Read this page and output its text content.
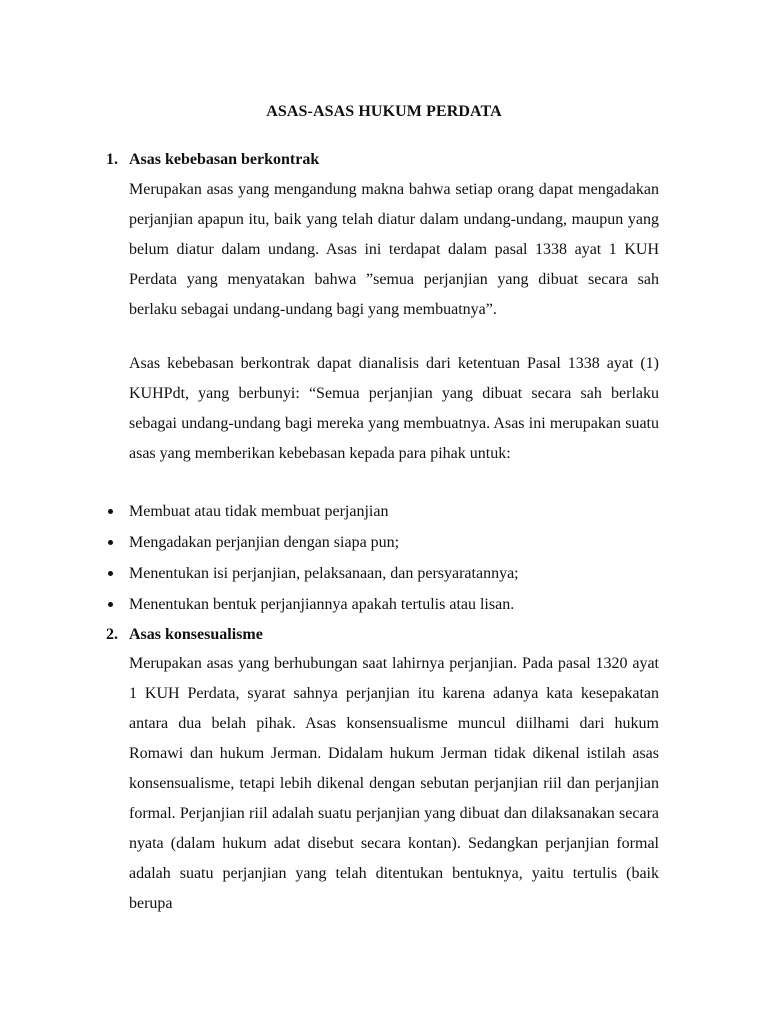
ASAS-ASAS HUKUM PERDATA
1. Asas kebebasan berkontrak

Merupakan asas yang mengandung makna bahwa setiap orang dapat mengadakan perjanjian apapun itu, baik yang telah diatur dalam undang-undang, maupun yang belum diatur dalam undang. Asas ini terdapat dalam pasal 1338 ayat 1 KUH Perdata yang menyatakan bahwa ”semua perjanjian yang dibuat secara sah berlaku sebagai undang-undang bagi yang membuatnya”.

Asas kebebasan berkontrak dapat dianalisis dari ketentuan Pasal 1338 ayat (1) KUHPdt, yang berbunyi: “Semua perjanjian yang dibuat secara sah berlaku sebagai undang-undang bagi mereka yang membuatnya. Asas ini merupakan suatu asas yang memberikan kebebasan kepada para pihak untuk:

Membuat atau tidak membuat perjanjian
Mengadakan perjanjian dengan siapa pun;
Menentukan isi perjanjian, pelaksanaan, dan persyaratannya;
Menentukan bentuk perjanjiannya apakah tertulis atau lisan.
2. Asas konsesualisme

Merupakan asas yang berhubungan saat lahirnya perjanjian. Pada pasal 1320 ayat 1 KUH Perdata, syarat sahnya perjanjian itu karena adanya kata kesepakatan antara dua belah pihak. Asas konsensualisme muncul diilhami dari hukum Romawi dan hukum Jerman. Didalam hukum Jerman tidak dikenal istilah asas konsensualisme, tetapi lebih dikenal dengan sebutan perjanjian riil dan perjanjian formal. Perjanjian riil adalah suatu perjanjian yang dibuat dan dilaksanakan secara nyata (dalam hukum adat disebut secara kontan). Sedangkan perjanjian formal adalah suatu perjanjian yang telah ditentukan bentuknya, yaitu tertulis (baik berupa
